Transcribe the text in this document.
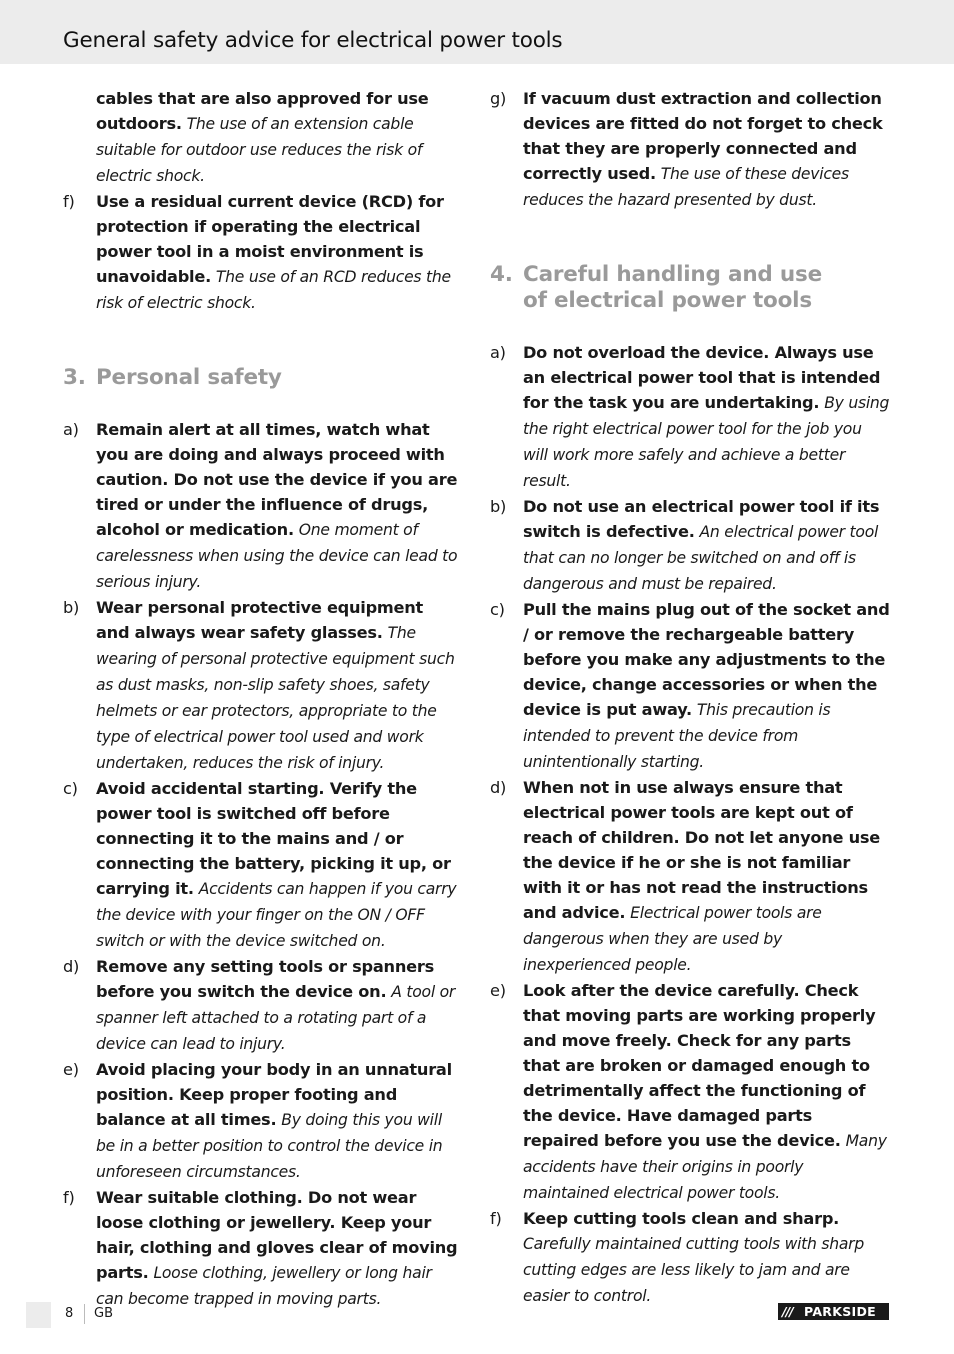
General safety advice for electrical power tools
cables that are also approved for use outdoors. The use of an extension cable suitable for outdoor use reduces the risk of electric shock.
f) Use a residual current device (RCD) for protection if operating the electrical power tool in a moist environment is unavoidable. The use of an RCD reduces the risk of electric shock.
3. Personal safety
a) Remain alert at all times, watch what you are doing and always proceed with caution. Do not use the device if you are tired or under the influence of drugs, alcohol or medication. One moment of carelessness when using the device can lead to serious injury.
b) Wear personal protective equipment and always wear safety glasses. The wearing of personal protective equipment such as dust masks, non-slip safety shoes, safety helmets or ear protectors, appropriate to the type of electrical power tool used and work undertaken, reduces the risk of injury.
c) Avoid accidental starting. Verify the power tool is switched off before connecting it to the mains and / or connecting the battery, picking it up, or carrying it. Accidents can happen if you carry the device with your finger on the ON / OFF switch or with the device switched on.
d) Remove any setting tools or spanners before you switch the device on. A tool or spanner left attached to a rotating part of a device can lead to injury.
e) Avoid placing your body in an unnatural position. Keep proper footing and balance at all times. By doing this you will be in a better position to control the device in unforeseen circumstances.
f) Wear suitable clothing. Do not wear loose clothing or jewellery. Keep your hair, clothing and gloves clear of moving parts. Loose clothing, jewellery or long hair can become trapped in moving parts.
g) If vacuum dust extraction and collection devices are fitted do not forget to check that they are properly connected and correctly used. The use of these devices reduces the hazard presented by dust.
4. Careful handling and use of electrical power tools
a) Do not overload the device. Always use an electrical power tool that is intended for the task you are undertaking. By using the right electrical power tool for the job you will work more safely and achieve a better result.
b) Do not use an electrical power tool if its switch is defective. An electrical power tool that can no longer be switched on and off is dangerous and must be repaired.
c) Pull the mains plug out of the socket and / or remove the rechargeable battery before you make any adjustments to the device, change accessories or when the device is put away. This precaution is intended to prevent the device from unintentionally starting.
d) When not in use always ensure that electrical power tools are kept out of reach of children. Do not let anyone use the device if he or she is not familiar with it or has not read the instructions and advice. Electrical power tools are dangerous when they are used by inexperienced people.
e) Look after the device carefully. Check that moving parts are working properly and move freely. Check for any parts that are broken or damaged enough to detrimentally affect the functioning of the device. Have damaged parts repaired before you use the device. Many accidents have their origins in poorly maintained electrical power tools.
f) Keep cutting tools clean and sharp. Carefully maintained cutting tools with sharp cutting edges are less likely to jam and are easier to control.
8 GB	/// PARKSIDE
